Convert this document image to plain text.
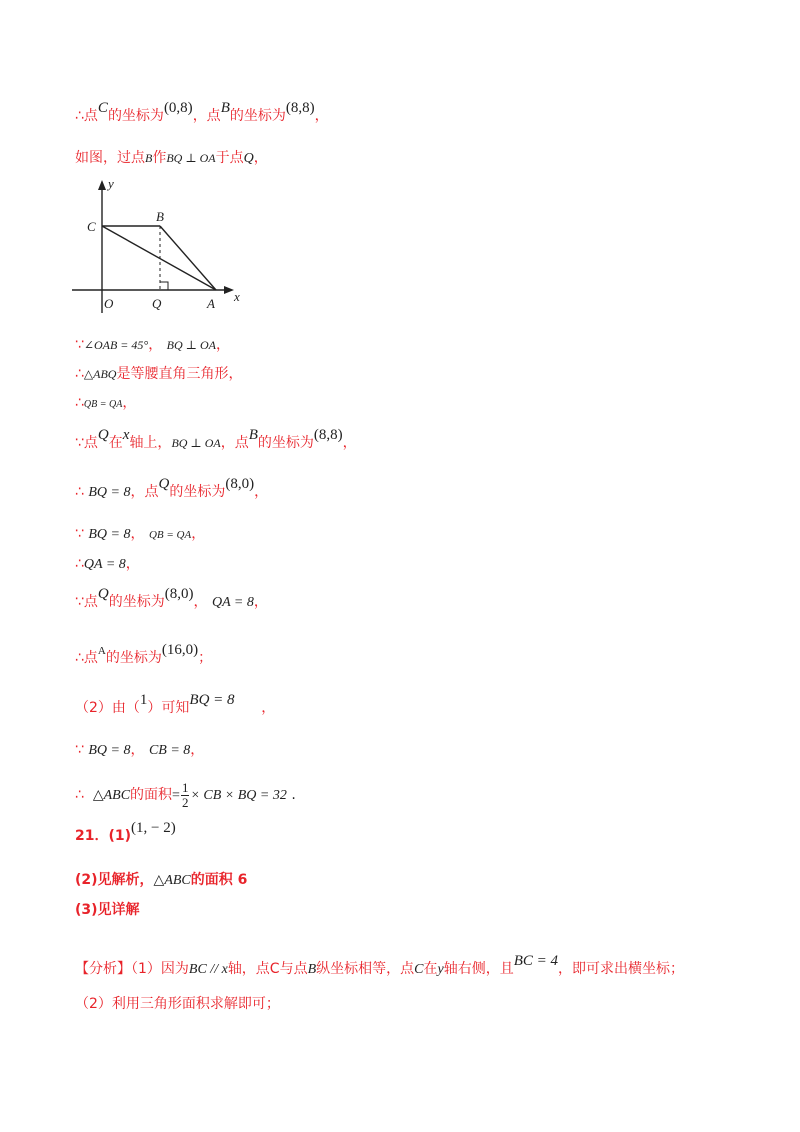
∴点C的坐标为(0,8)，点B的坐标为(8,8)，
如图，过点B作BQ ⊥ OA于点Q，
y
x
C
B
O	Q	A
∵∠OAB = 45°， BQ ⊥ OA，
∴△ABQ是等腰直角三角形，
∴QB = QA，
∵点Q在x轴上，BQ ⊥ OA，点B的坐标为(8,8)，
∴ BQ = 8，点Q的坐标为(8,0)，
∵ BQ = 8， QB = QA，
∴QA = 8，
∵点Q的坐标为(8,0)， QA = 8，
∴点$^A$的坐标为(16,0)；
（2）由（1）可知BQ = 8 ，
∵ BQ = 8， CB = 8，
∴ △ABC的面积= $\frac{1}{2}$ × CB × BQ = 32 .
21．(1)(1, − 2)
(2)见解析，△ABC的面积 6
(3)见详解
【分析】（1）因为BC // x轴，点C与点B纵坐标相等，点C在y轴右侧，且BC = 4，即可求出横坐标；
（2）利用三角形面积求解即可；
